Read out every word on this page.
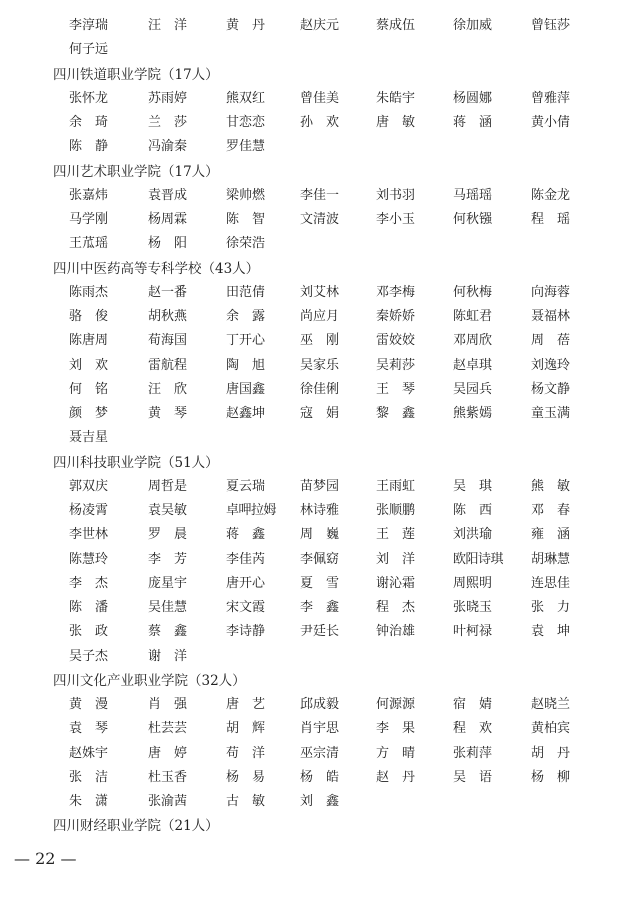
李淳瑞	汪　洋	黄　丹	赵庆元	蔡成伍	徐加威	曾钰莎
何子远
四川铁道职业学院（17人）
张怀龙	苏雨婷	熊双红	曾佳美	朱皓宇	杨圆娜	曾雅萍
余　琦	兰　莎	甘恋恋	孙　欢	唐　敏	蒋　涵	黄小倩
陈　静	冯渝秦	罗佳慧
四川艺术职业学院（17人）
张嘉炜	袁晋成	梁帅燃	李佳一	刘书羽	马瑶瑶	陈金龙
马学刚	杨周霖	陈　智	文清波	李小玉	何秋镪	程　瑶
王苽瑶	杨　阳	徐荣浩
四川中医药高等专科学校（43人）
陈雨杰	赵一番	田范倩	刘艾林	邓李梅	何秋梅	向海蓉
骆　俊	胡秋燕	余　露	尚应月	秦娇娇	陈虹君	聂福林
陈唐周	荀海国	丁开心	巫　刚	雷姣姣	邓周欣	周　蓓
刘　欢	雷航程	陶　旭	吴家乐	吴莉莎	赵卓琪	刘逸玲
何　铭	汪　欣	唐国鑫	徐佳俐	王　琴	吴园兵	杨文静
颜　梦	黄　琴	赵鑫坤	寇　娟	黎　鑫	熊紫嫣	童玉满
聂吉星
四川科技职业学院（51人）
郭双庆	周哲是	夏云瑞	苗梦园	王雨虹	吴　琪	熊　敏
杨凌霄	袁吴敏	卓呷拉姆	林诗雅	张顺鹏	陈　西	邓　春
李世林	罗　晨	蒋　鑫	周　巍	王　莲	刘洪瑜	雍　涵
陈慧玲	李　芳	李佳芮	李佩窈	刘　洋	欧阳诗琪	胡琳慧
李　杰	庞星宇	唐开心	夏　雪	谢沁霜	周熙明	连思佳
陈　潘	吴佳慧	宋文霞	李　鑫	程　杰	张晓玉	张　力
张　政	蔡　鑫	李诗静	尹廷长	钟治雄	叶柯禄	袁　坤
吴子杰	谢　洋
四川文化产业职业学院（32人）
黄　漫	肖　强	唐　艺	邱成毅	何源源	宿　婧	赵晓兰
袁　琴	杜芸芸	胡　辉	肖宇思	李　果	程　欢	黄柏宾
赵姝宇	唐　婷	苟　洋	巫宗清	方　晴	张莉萍	胡　丹
张　洁	杜玉香	杨　易	杨　皓	赵　丹	吴　语	杨　柳
朱　潇	张渝茜	古　敏	刘　鑫
四川财经职业学院（21人）
— 22 —
